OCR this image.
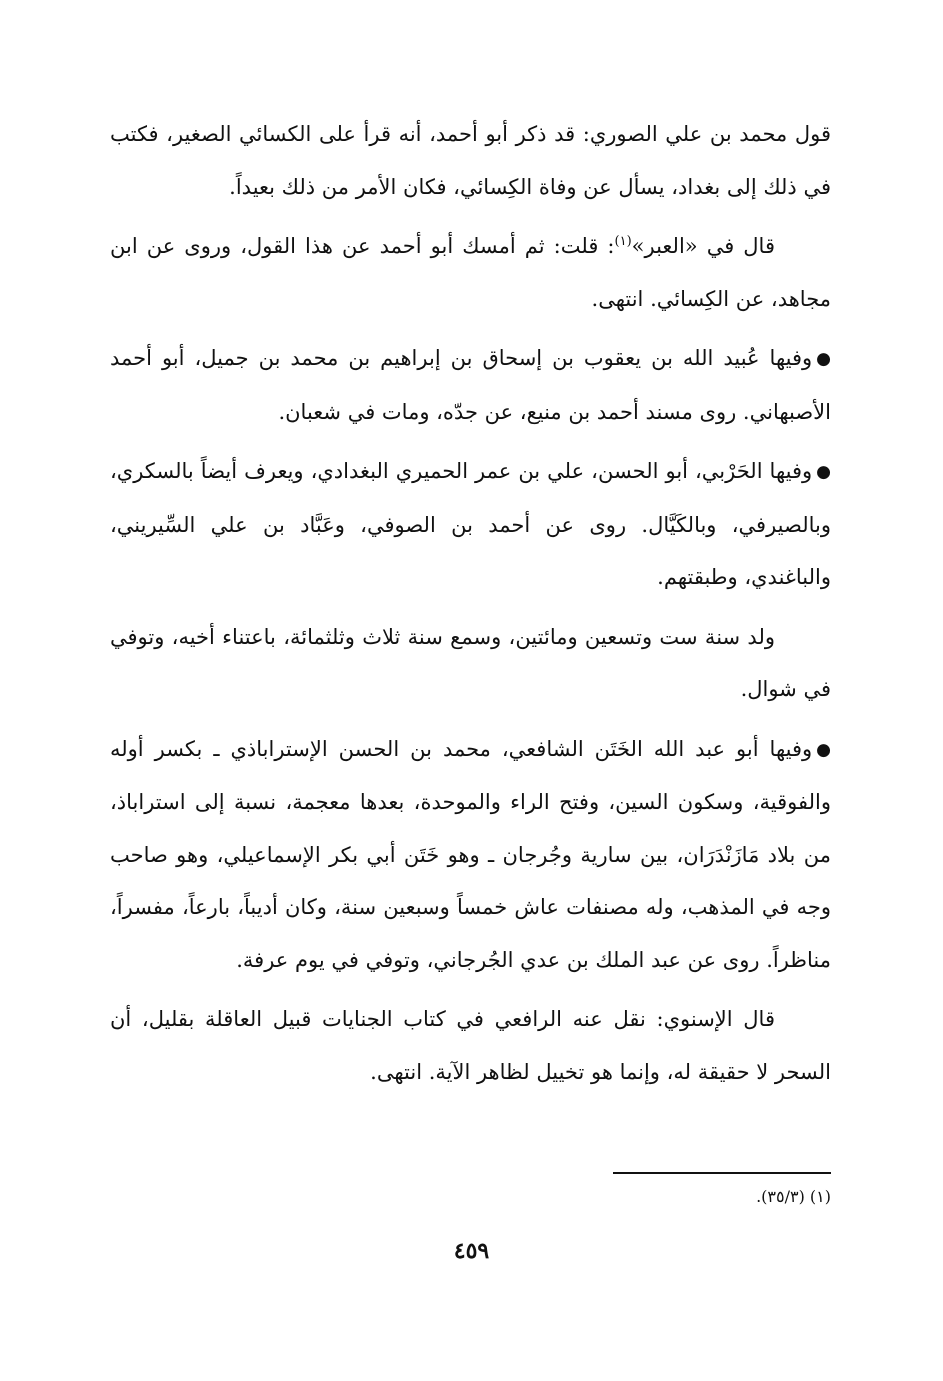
قول محمد بن علي الصوري: قد ذكر أبو أحمد، أنه قرأ على الكسائي الصغير، فكتب في ذلك إلى بغداد، يسأل عن وفاة الكِسائي، فكان الأمر من ذلك بعيداً.

قال في «العبر»$^{(١)}$: قلت: ثم أمسك أبو أحمد عن هذا القول، وروى عن ابن مجاهد، عن الكِسائي. انتهى.

●وفيها عُبيد الله بن يعقوب بن إسحاق بن إبراهيم بن محمد بن جميل، أبو أحمد الأصبهاني. روى مسند أحمد بن منيع، عن جدّه، ومات في شعبان.

●وفيها الحَرْبي، أبو الحسن، علي بن عمر الحميري البغدادي، ويعرف أيضاً بالسكري، وبالصيرفي، وبالكَيَّال. روى عن أحمد بن الصوفي، وعَبَّاد بن علي السِّيريني، والباغندي، وطبقتهم.

ولد سنة ست وتسعين ومائتين، وسمع سنة ثلاث وثلثمائة، باعتناء أخيه، وتوفي في شوال.

●وفيها أبو عبد الله الخَتَن الشافعي، محمد بن الحسن الإستراباذي ـ بكسر أوله والفوقية، وسكون السين، وفتح الراء والموحدة، بعدها معجمة، نسبة إلى استراباذ، من بلاد مَازَنْدَرَان، بين سارية وجُرجان ـ وهو خَتَن أبي بكر الإسماعيلي، وهو صاحب وجه في المذهب، وله مصنفات عاش خمساً وسبعين سنة، وكان أديباً، بارعاً، مفسراً، مناظراً. روى عن عبد الملك بن عدي الجُرجاني، وتوفي في يوم عرفة.

قال الإسنوي: نقل عنه الرافعي في كتاب الجنايات قبيل العاقلة بقليل، أن السحر لا حقيقة له، وإنما هو تخييل لظاهر الآية. انتهى.

(١) (٣٥/٣).
٤٥٩
